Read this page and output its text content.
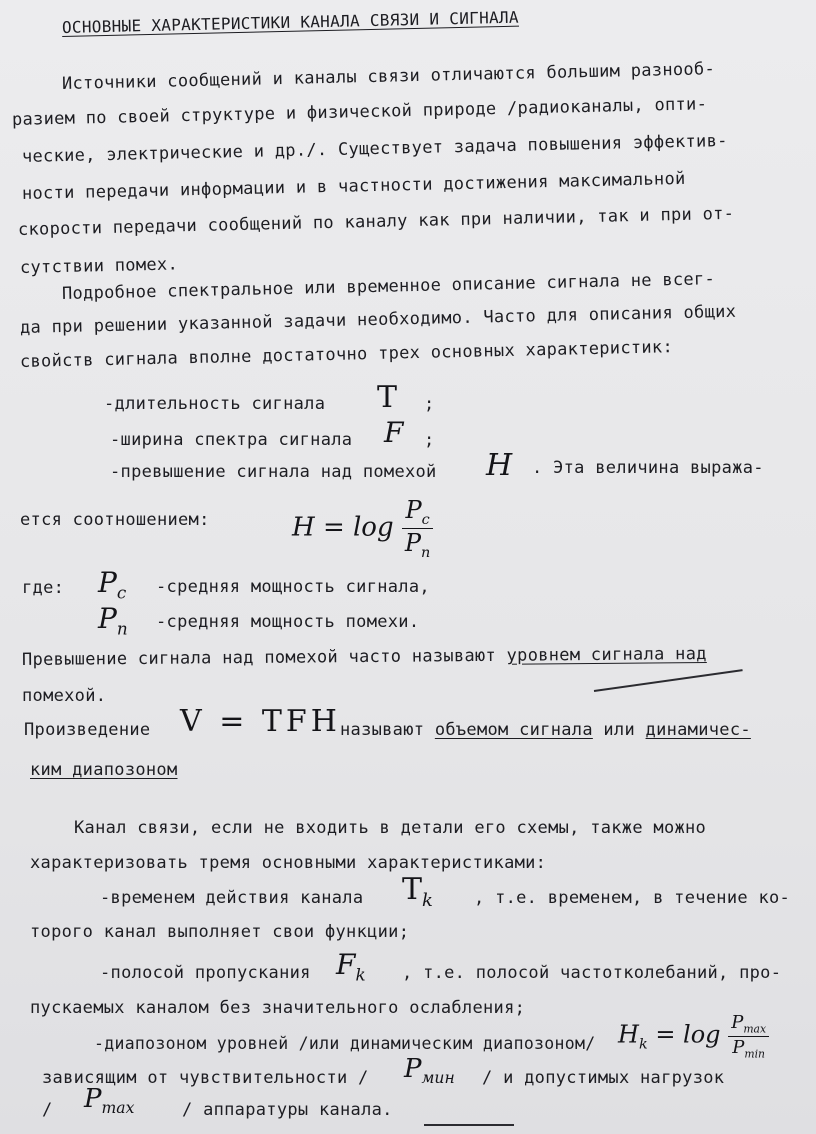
ОСНОВНЫЕ ХАРАКТЕРИСТИКИ КАНАЛА СВЯЗИ И СИГНАЛА
Источники сообщений и каналы связи отличаются большим разнооб-
разием по своей структуре и физической природе /радиоканалы, опти-
ческие, электрические и др./. Существует задача повышения эффектив-
ности передачи информации и в частности достижения максимальной
скорости передачи сообщений по каналу как при наличии, так и при от-
сутствии помех.
Подробное спектральное или временное описание сигнала не всег-
да при решении указанной задачи необходимо. Часто для описания общих
свойств сигнала вполне достаточно трех основных характеристик:
-длительность сигнала T ;
-ширина спектра сигнала F ;
-превышение сигнала над помехой H . Эта величина выража-
ется соотношением:	$H = \log \frac{P_c}{P_п}$
где: $P_c$ -средняя мощность сигнала,
$P_п$ -средняя мощность помехи.
Превышение сигнала над помехой часто называют уровнем сигнала над
помехой.
Произведение V = TFH называют объемом сигнала или динамичес-
ким диапозоном
Канал связи, если не входить в детали его схемы, также можно
характеризовать тремя основными характеристиками:
-временем действия канала $T_k$ , т.е. временем, в течение ко-
торого канал выполняет свои функции;
-полосой пропускания $F_k$ , т.е. полосой частотколебаний, про-
пускаемых каналом без значительного ослабления;
-диапозоном уровней /или динамическим диапозоном/ $H_k = \log \frac{P_{max}}{P_{min}}$
зависящим от чувствительности / $P_{мин}$ / и допустимых нагрузок
/ $P_{max}$	/ аппаратуры канала.
